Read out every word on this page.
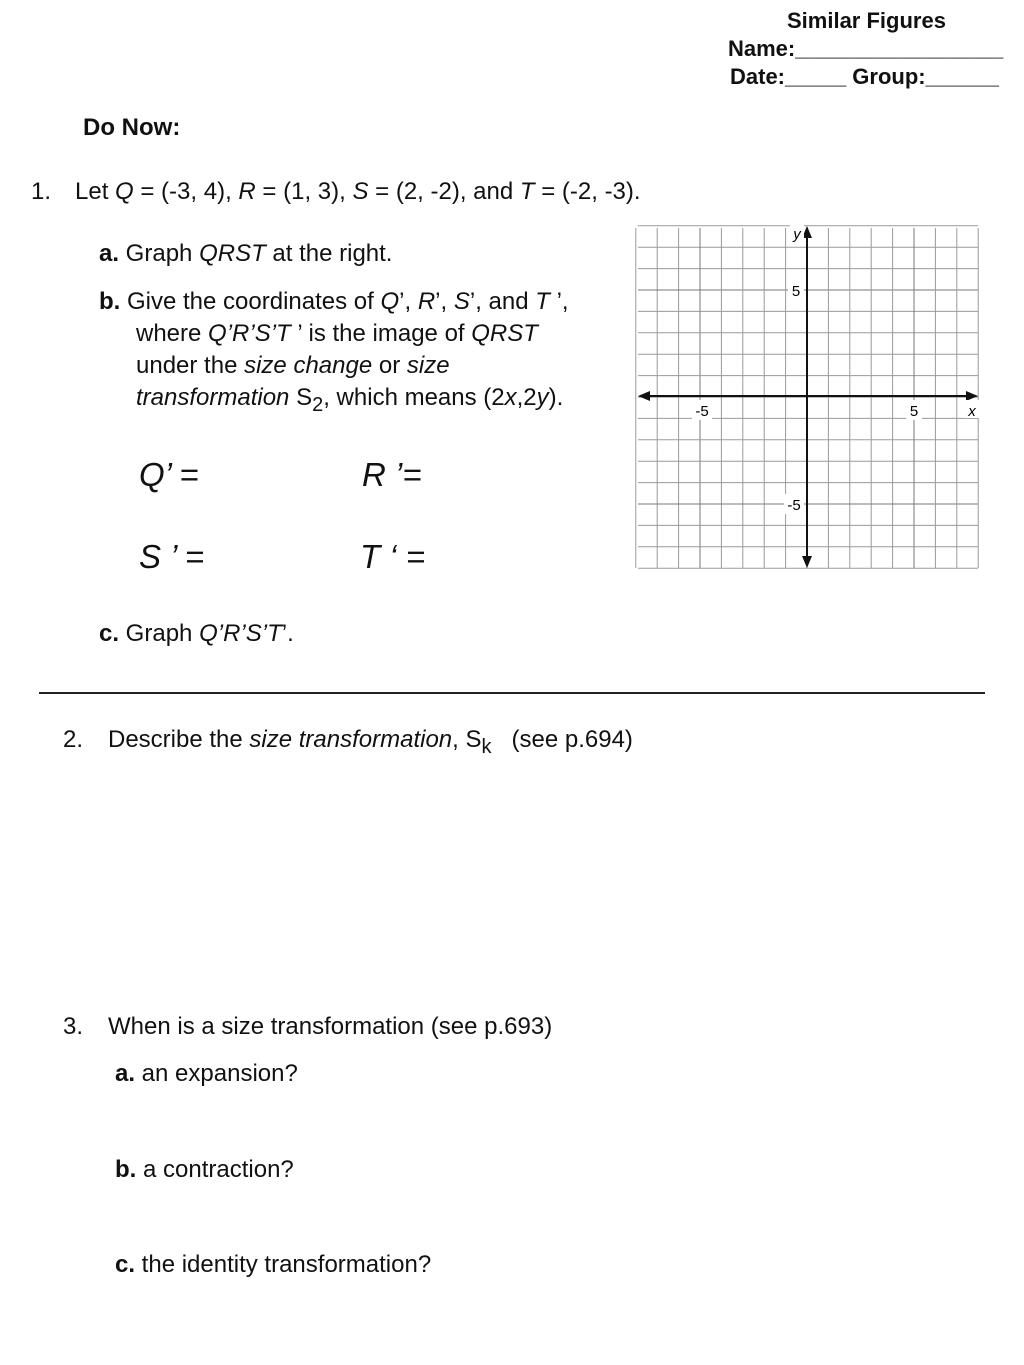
Similar Figures
Name:_________________
Date:_____ Group:______
Do Now:
1. Let Q = (-3, 4), R = (1, 3), S = (2, -2), and T = (-2, -3).
a. Graph QRST at the right.
b. Give the coordinates of Q’, R’, S’, and T ’,
where Q’R’S’T ’ is the image of QRST
under the size change or size
transformation $S_2$, which means (2x,2y).
Q’ =	R ’=
S ’ =	T ‘ =
c. Graph Q’R’S’T’.
y
x
5
-5
-5	5
2. Describe the size transformation, $S_k$   (see p.694)
3. When is a size transformation (see p.693)
a. an expansion?
b. a contraction?
c. the identity transformation?
